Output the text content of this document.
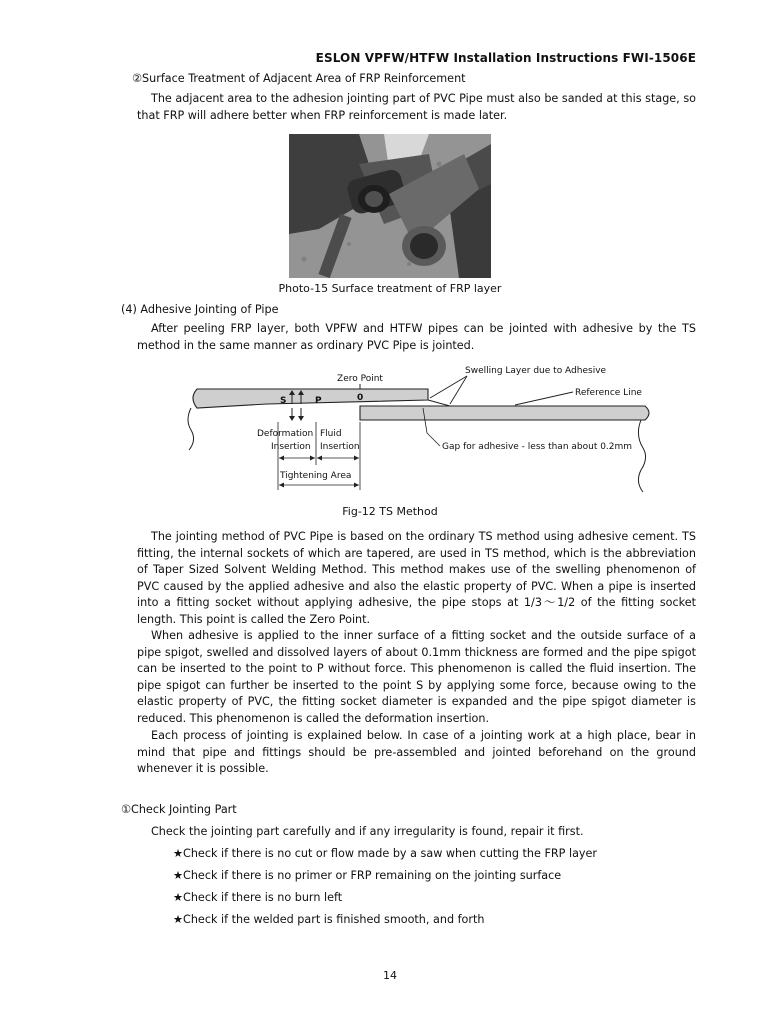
ESLON VPFW/HTFW Installation Instructions FWI-1506E
②Surface Treatment of Adjacent Area of FRP Reinforcement
The adjacent area to the adhesion jointing part of PVC Pipe must also be sanded at this stage, so that FRP will adhere better when FRP reinforcement is made later.
Photo-15 Surface treatment of FRP layer
(4) Adhesive Jointing of Pipe
After peeling FRP layer, both VPFW and HTFW pipes can be jointed with adhesive by the TS method in the same manner as ordinary PVC Pipe is jointed.
Zero Point
S	P	0
Swelling Layer due to Adhesive
Reference Line
Deformation
Insertion
Fluid
Insertion
Tightening Area
Gap for adhesive - less than about 0.2mm
Fig-12 TS Method
The jointing method of PVC Pipe is based on the ordinary TS method using adhesive cement. TS fitting, the internal sockets of which are tapered, are used in TS method, which is the abbreviation of Taper Sized Solvent Welding Method. This method makes use of the swelling phenomenon of PVC caused by the applied adhesive and also the elastic property of PVC. When a pipe is inserted into a fitting socket without applying adhesive, the pipe stops at 1/3〜1/2 of the fitting socket length. This point is called the Zero Point.
When adhesive is applied to the inner surface of a fitting socket and the outside surface of a pipe spigot, swelled and dissolved layers of about 0.1mm thickness are formed and the pipe spigot can be inserted to the point to P without force. This phenomenon is called the fluid insertion. The pipe spigot can further be inserted to the point S by applying some force, because owing to the elastic property of PVC, the fitting socket diameter is expanded and the pipe spigot diameter is reduced. This phenomenon is called the deformation insertion.
Each process of jointing is explained below. In case of a jointing work at a high place, bear in mind that pipe and fittings should be pre-assembled and jointed beforehand on the ground whenever it is possible.
①Check Jointing Part
Check the jointing part carefully and if any irregularity is found, repair it first.
★Check if there is no cut or flow made by a saw when cutting the FRP layer
★Check if there is no primer or FRP remaining on the jointing surface
★Check if there is no burn left
★Check if the welded part is finished smooth, and forth
14
